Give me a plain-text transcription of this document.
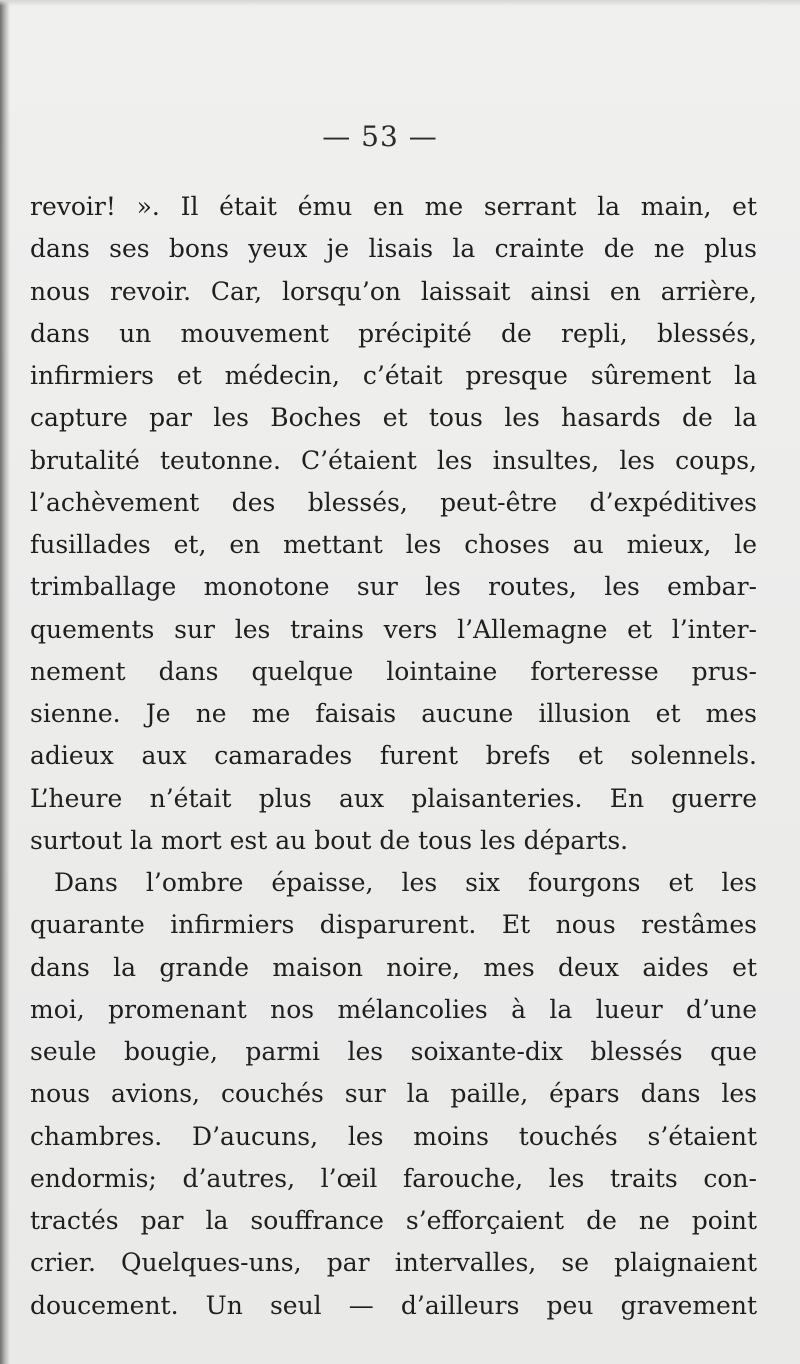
— 53 —
revoir! ». Il était ému en me serrant la main, et
dans ses bons yeux je lisais la crainte de ne plus
nous revoir. Car, lorsqu’on laissait ainsi en arrière,
dans un mouvement précipité de repli, blessés,
infirmiers et médecin, c’était presque sûrement la
capture par les Boches et tous les hasards de la
brutalité teutonne. C’étaient les insultes, les coups,
l’achèvement des blessés, peut-être d’expéditives
fusillades et, en mettant les choses au mieux, le
trimballage monotone sur les routes, les embar-
quements sur les trains vers l’Allemagne et l’inter-
nement dans quelque lointaine forteresse prus-
sienne. Je ne me faisais aucune illusion et mes
adieux aux camarades furent brefs et solennels.
L’heure n’était plus aux plaisanteries. En guerre
surtout la mort est au bout de tous les départs.
Dans l’ombre épaisse, les six fourgons et les
quarante infirmiers disparurent. Et nous restâmes
dans la grande maison noire, mes deux aides et
moi, promenant nos mélancolies à la lueur d’une
seule bougie, parmi les soixante-dix blessés que
nous avions, couchés sur la paille, épars dans les
chambres. D’aucuns, les moins touchés s’étaient
endormis; d’autres, l’œil farouche, les traits con-
tractés par la souffrance s’efforçaient de ne point
crier. Quelques-uns, par intervalles, se plaignaient
doucement. Un seul — d’ailleurs peu gravement
